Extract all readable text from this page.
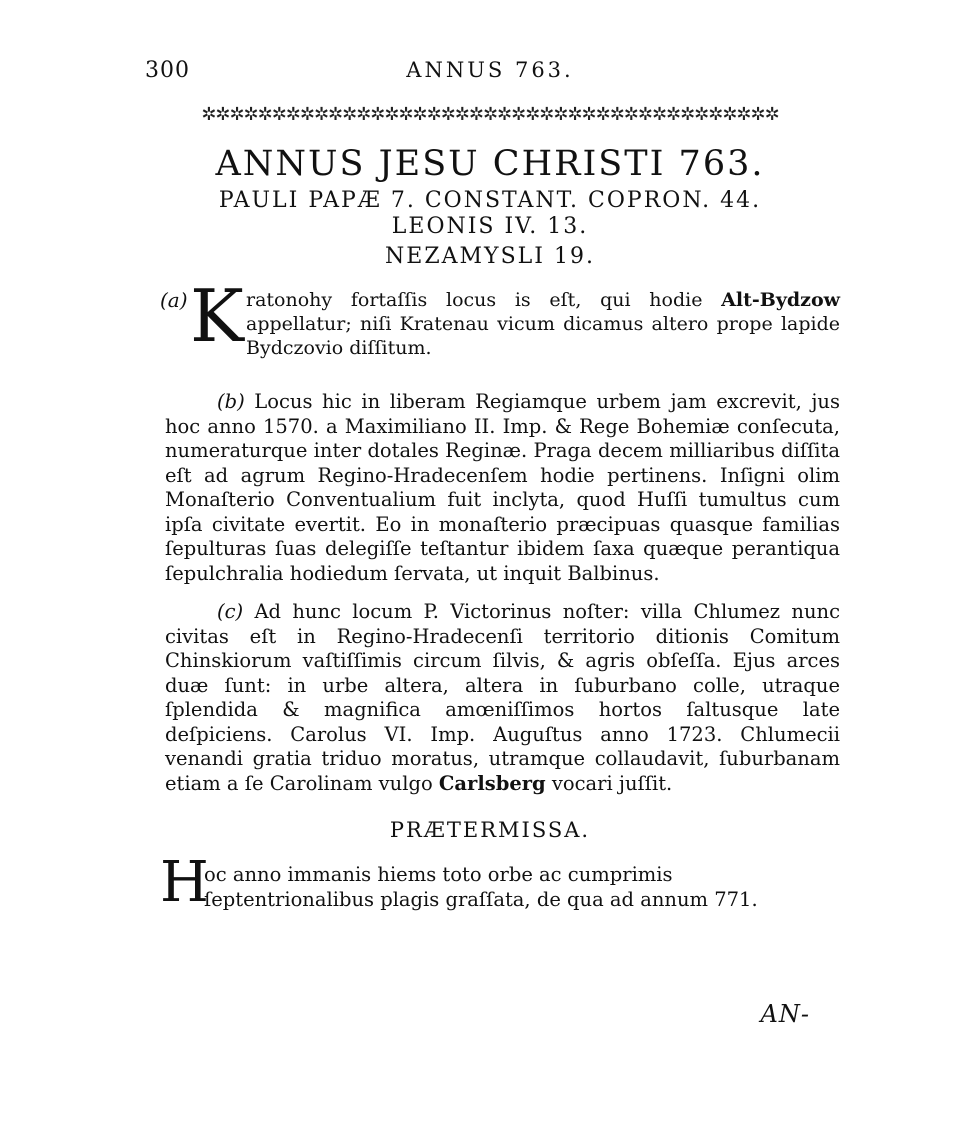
300	ANNUS 763.
✲✲✲✲✲✲✲✲✲✲✲✲✲✲✲✲✲✲✲✲✲✲✲✲✲✲✲✲✲✲✲✲✲✲✲✲✲✲✲✲✲
ANNUS JESU CHRISTI 763.

PAULI PAPÆ 7. CONSTANT. COPRON. 44.

LEONIS IV. 13.

NEZAMYSLI 19.

(a) K ratonohy fortaſſis locus is eſt, qui hodie Alt-Bydzow appellatur; niſi Kratenau vicum dicamus altero prope lapide Bydczovio diſſitum.

(b) Locus hic in liberam Regiamque urbem jam excrevit, jus hoc anno 1570. a Maximiliano II. Imp. & Rege Bohemiæ conſecuta, numeraturque inter dotales Reginæ. Praga decem milliaribus diſſita eſt ad agrum Regino-Hradecenſem hodie pertinens. Inſigni olim Monaſterio Conventualium fuit inclyta, quod Huſſi tumultus cum ipſa civitate evertit. Eo in monaſterio præcipuas quasque familias ſepulturas ſuas delegiſſe teſtantur ibidem ſaxa quæque perantiqua ſepulchralia hodiedum ſervata, ut inquit Balbinus.

(c) Ad hunc locum P. Victorinus noſter: villa Chlumez nunc civitas eſt in Regino-Hradecenſi territorio ditionis Comitum Chinskiorum vaſtiſſimis circum ſilvis, & agris obſeſſa. Ejus arces duæ ſunt: in urbe altera, altera in ſuburbano colle, utraque ſplendida & magnifica amœniſſimos hortos ſaltusque late deſpiciens. Carolus VI. Imp. Auguſtus anno 1723. Chlumecii venandi gratia triduo moratus, utramque collaudavit, ſuburbanam etiam a ſe Carolinam vulgo Carlsberg vocari juſſit.

PRÆTERMISSA.
H
oc anno immanis hiems toto orbe ac cumprimis ſeptentrionalibus plagis graſſata, de qua ad annum 771.
AN-
